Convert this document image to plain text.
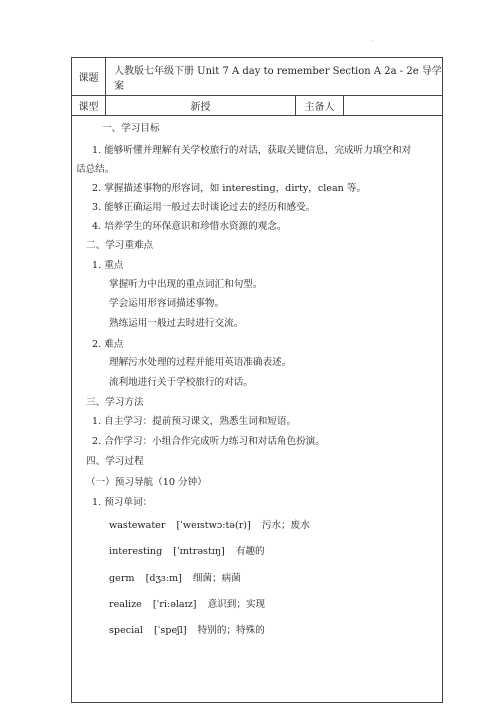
·
课题
人教版七年级下册 Unit 7 A day to remember Section A 2a - 2e 导学案
课型	新授	主备人
一、学习目标
1. 能够听懂并理解有关学校旅行的对话，获取关键信息，完成听力填空和对
话总结。
2. 掌握描述事物的形容词，如 interesting，dirty，clean 等。
3. 能够正确运用一般过去时谈论过去的经历和感受。
4. 培养学生的环保意识和珍惜水资源的观念。
二、学习重难点
1. 重点
掌握听力中出现的重点词汇和句型。
学会运用形容词描述事物。
熟练运用一般过去时进行交流。
2. 难点
理解污水处理的过程并能用英语准确表述。
流利地进行关于学校旅行的对话。
三、学习方法
1. 自主学习：提前预习课文，熟悉生词和短语。
2. 合作学习：小组合作完成听力练习和对话角色扮演。
四、学习过程
（一）预习导航（10 分钟）
1. 预习单词：
wastewater [ˈweɪstwɔːtə(r)] 污水；废水
interesting [ˈɪntrəstɪŋ] 有趣的
germ [dʒɜːm] 细菌；病菌
realize [ˈriːəlaɪz] 意识到；实现
special [ˈspeʃl] 特别的；特殊的
